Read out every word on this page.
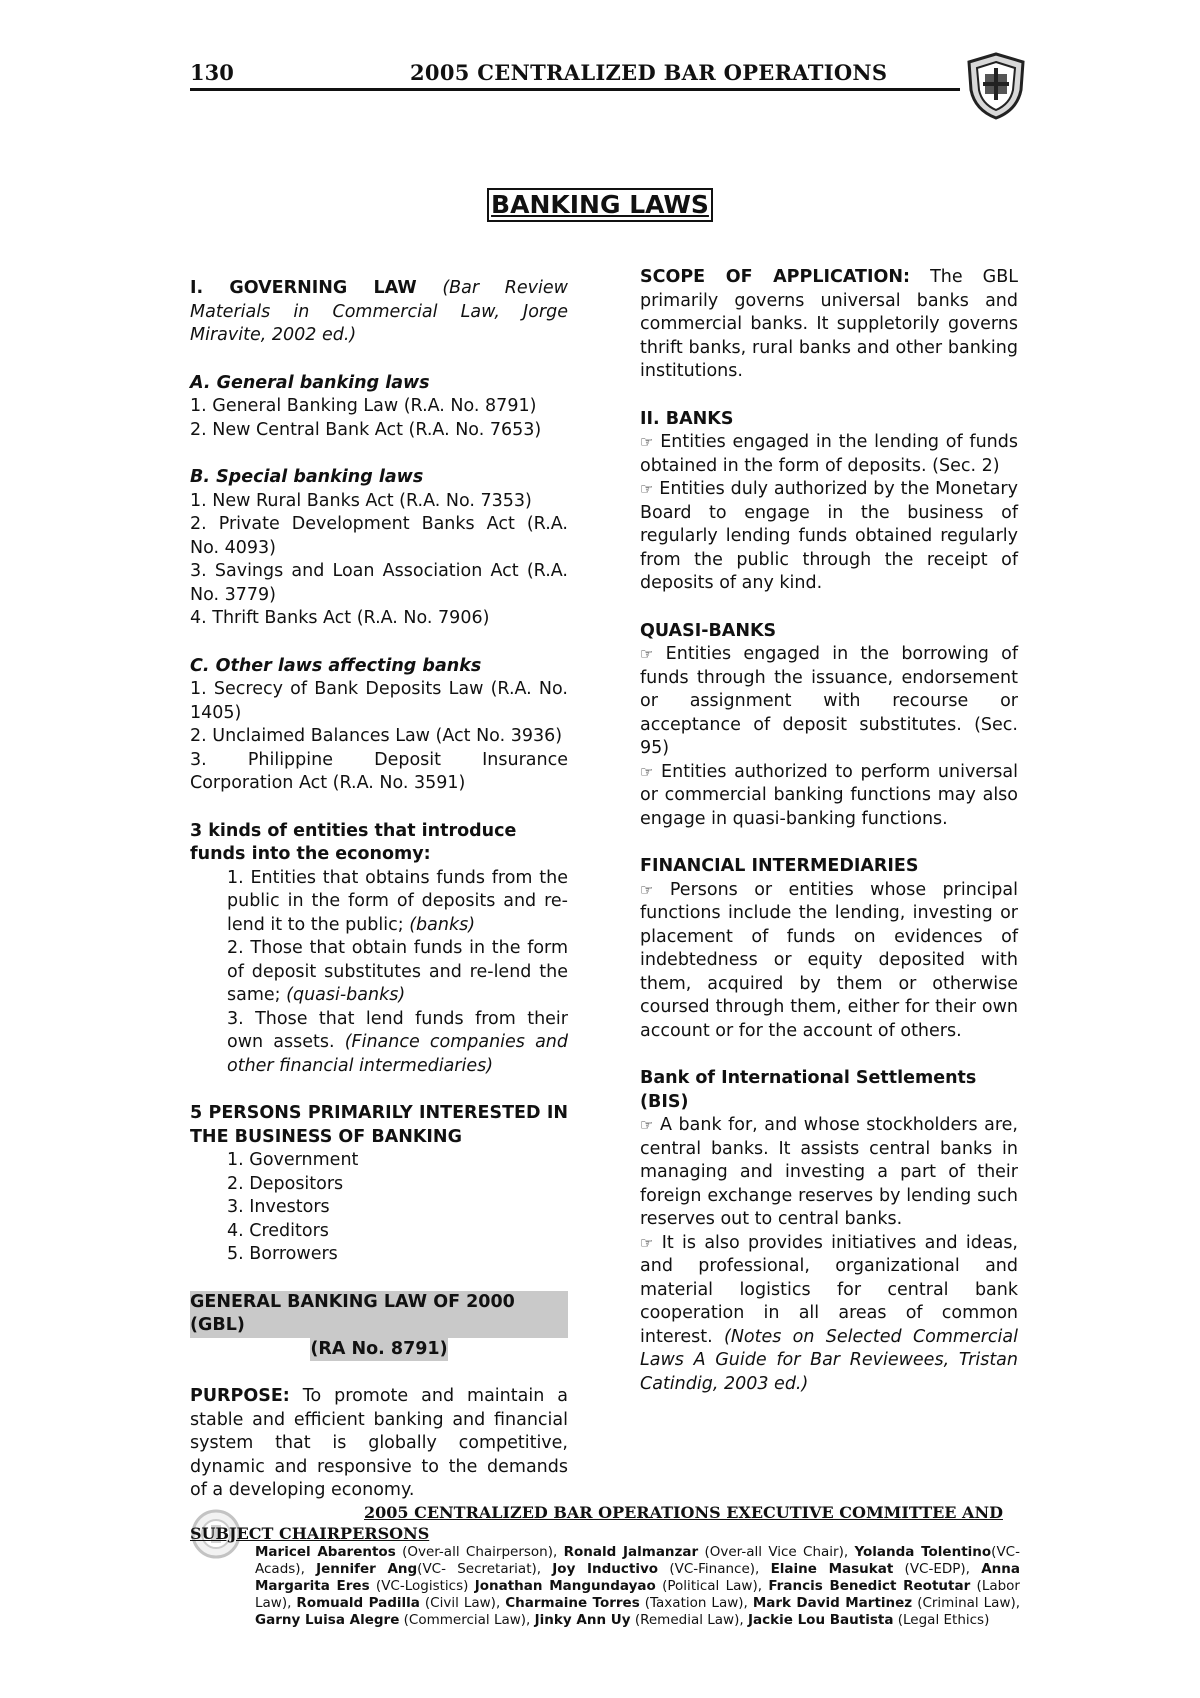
130	2005 CENTRALIZED BAR OPERATIONS
BANKING LAWS

I. GOVERNING LAW (Bar Review Materials in Commercial Law, Jorge Miravite, 2002 ed.)

A. General banking laws

1. General Banking Law (R.A. No. 8791)

2. New Central Bank Act (R.A. No. 7653)

B. Special banking laws

1. New Rural Banks Act (R.A. No. 7353)

2. Private Development Banks Act (R.A. No. 4093)

3. Savings and Loan Association Act (R.A. No. 3779)

4. Thrift Banks Act (R.A. No. 7906)

C. Other laws affecting banks

1. Secrecy of Bank Deposits Law (R.A. No. 1405)

2. Unclaimed Balances Law (Act No. 3936)

3. Philippine Deposit Insurance Corporation Act (R.A. No. 3591)

3 kinds of entities that introduce funds into the economy:

1. Entities that obtains funds from the public in the form of deposits and re-lend it to the public; (banks)

2. Those that obtain funds in the form of deposit substitutes and re-lend the same; (quasi-banks)

3. Those that lend funds from their own assets. (Finance companies and other financial intermediaries)

5 PERSONS PRIMARILY INTERESTED IN THE BUSINESS OF BANKING

1. Government

2. Depositors

3. Investors

4. Creditors

5. Borrowers

GENERAL BANKING LAW OF 2000 (GBL)

(RA No. 8791)

PURPOSE: To promote and maintain a stable and efficient banking and financial system that is globally competitive, dynamic and responsive to the demands of a developing economy.

SCOPE OF APPLICATION: The GBL primarily governs universal banks and commercial banks. It suppletorily governs thrift banks, rural banks and other banking institutions.

II. BANKS

☞ Entities engaged in the lending of funds obtained in the form of deposits. (Sec. 2)

☞ Entities duly authorized by the Monetary Board to engage in the business of regularly lending funds obtained regularly from the public through the receipt of deposits of any kind.

QUASI-BANKS

☞ Entities engaged in the borrowing of funds through the issuance, endorsement or assignment with recourse or acceptance of deposit substitutes. (Sec. 95)

☞ Entities authorized to perform universal or commercial banking functions may also engage in quasi-banking functions.

FINANCIAL INTERMEDIARIES

☞ Persons or entities whose principal functions include the lending, investing or placement of funds on evidences of indebtedness or equity deposited with them, acquired by them or otherwise coursed through them, either for their own account or for the account of others.

Bank of International Settlements (BIS)

☞ A bank for, and whose stockholders are, central banks. It assists central banks in managing and investing a part of their foreign exchange reserves by lending such reserves out to central banks.

☞ It is also provides initiatives and ideas, and professional, organizational and material logistics for central bank cooperation in all areas of common interest. (Notes on Selected Commercial Laws A Guide for Bar Reviewees, Tristan Catindig, 2003 ed.)

2005 CENTRALIZED BAR OPERATIONS EXECUTIVE COMMITTEE AND
SUBJECT CHAIRPERSONS
Maricel Abarentos (Over-all Chairperson), Ronald Jalmanzar (Over-all Vice Chair), Yolanda Tolentino(VC-Acads), Jennifer Ang(VC- Secretariat), Joy Inductivo (VC-Finance), Elaine Masukat (VC-EDP), Anna Margarita Eres (VC-Logistics) Jonathan Mangundayao (Political Law), Francis Benedict Reotutar (Labor Law), Romuald Padilla (Civil Law), Charmaine Torres (Taxation Law), Mark David Martinez (Criminal Law), Garny Luisa Alegre (Commercial Law), Jinky Ann Uy (Remedial Law), Jackie Lou Bautista (Legal Ethics)
